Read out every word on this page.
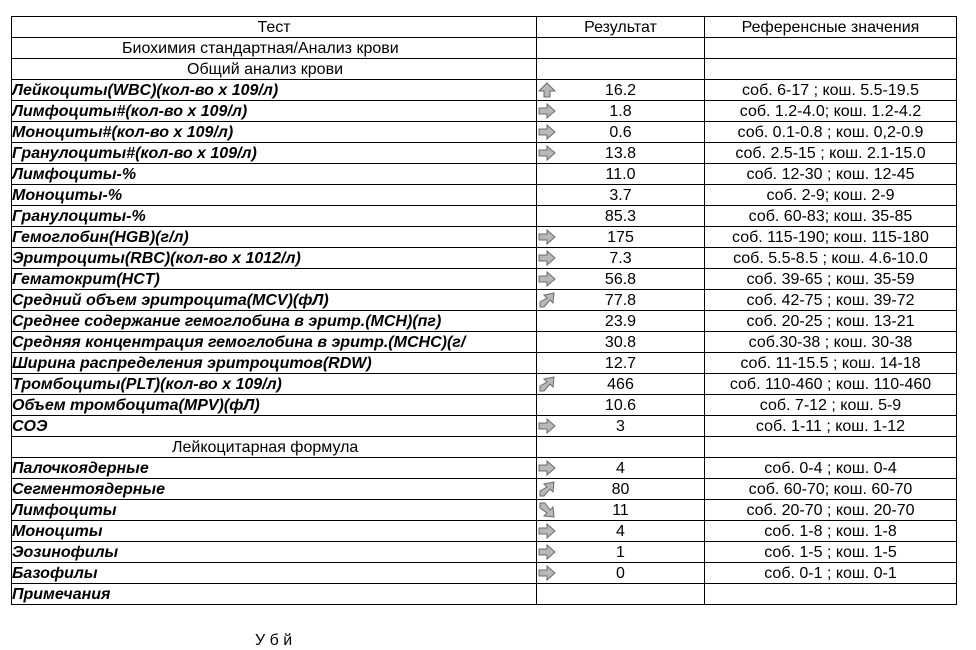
Тест	Результат	Референсные значения
Биохимия стандартная/Анализ крови		
Общий анализ крови		
Лейкоциты(WBC)(кол-во x 109/л)	16.2	соб. 6-17 ; кош. 5.5-19.5
Лимфоциты#(кол-во x 109/л)	1.8	соб. 1.2-4.0; кош. 1.2-4.2
Моноциты#(кол-во x 109/л)	0.6	соб. 0.1-0.8 ; кош. 0,2-0.9
Гранулоциты#(кол-во x 109/л)	13.8	соб. 2.5-15 ; кош. 2.1-15.0
Лимфоциты-%	11.0	соб. 12-30 ; кош. 12-45
Моноциты-%	3.7	соб. 2-9; кош. 2-9
Гранулоциты-%	85.3	соб. 60-83; кош. 35-85
Гемоглобин(HGB)(г/л)	175	соб. 115-190; кош. 115-180
Эритроциты(RBC)(кол-во x 1012/л)	7.3	соб. 5.5-8.5 ; кош. 4.6-10.0
Гематокрит(HCT)	56.8	соб. 39-65 ; кош. 35-59
Средний объем эритроцита(MCV)(фЛ)	77.8	соб. 42-75 ; кош. 39-72
Среднее содержание гемоглобина в эритр.(MCH)(пг)	23.9	соб. 20-25 ; кош. 13-21
Средняя концентрация гемоглобина в эритр.(MCHC)(г/	30.8	соб.30-38 ; кош. 30-38
Ширина распределения эритроцитов(RDW)	12.7	соб. 11-15.5 ; кош. 14-18
Тромбоциты(PLT)(кол-во x 109/л)	466	соб. 110-460 ; кош. 110-460
Объем тромбоцита(MPV)(фЛ)	10.6	соб. 7-12 ; кош. 5-9
СОЭ	3	соб. 1-11 ; кош. 1-12
Лейкоцитарная формула		
Палочкоядерные	4	соб. 0-4 ; кош. 0-4
Сегментоядерные	80	соб. 60-70; кош. 60-70
Лимфоциты	11	соб. 20-70 ; кош. 20-70
Моноциты	4	соб. 1-8 ; кош. 1-8
Эозинофилы	1	соб. 1-5 ; кош. 1-5
Базофилы	0	соб. 0-1 ; кош. 0-1
Примечания		
У б й
